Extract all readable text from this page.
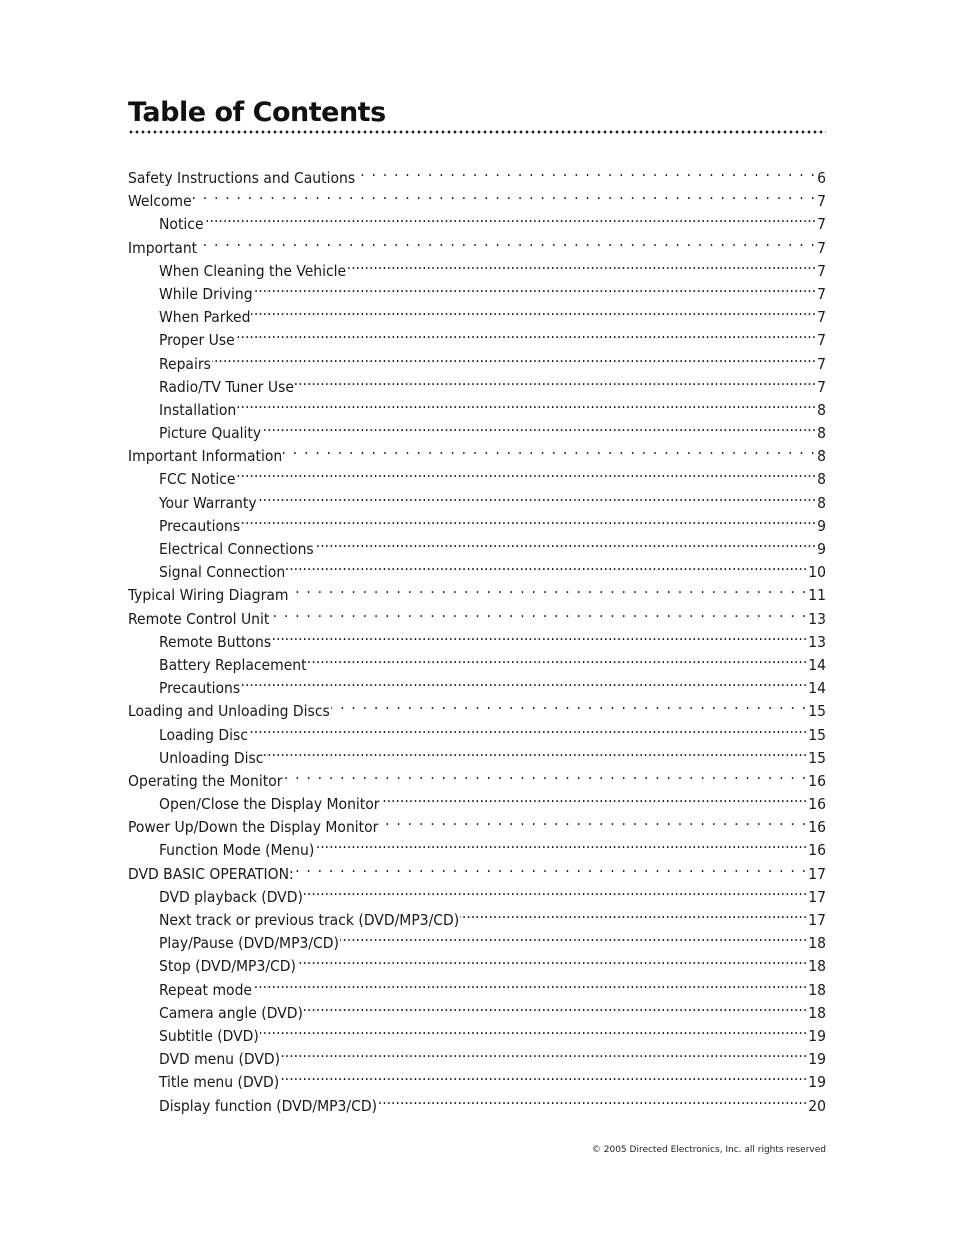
Table of Contents
Safety Instructions and Cautions . . .	6
Welcome . . .	7
Notice .....	7
Important . . .	7
When Cleaning the Vehicle .....	7
While Driving .....	7
When Parked .....	7
Proper Use .....	7
Repairs .....	7
Radio/TV Tuner Use .....	7
Installation .....	8
Picture Quality .....	8
Important Information . . .	8
FCC Notice .....	8
Your Warranty .....	8
Precautions .....	9
Electrical Connections .....	9
Signal Connection .....	10
Typical Wiring Diagram . . .	11
Remote Control Unit . . .	13
Remote Buttons .....	13
Battery Replacement .....	14
Precautions .....	14
Loading and Unloading Discs . . .	15
Loading Disc .....	15
Unloading Disc .....	15
Operating the Monitor . . .	16
Open/Close the Display Monitor .....	16
Power Up/Down the Display Monitor . . .	16
Function Mode (Menu) .....	16
DVD BASIC OPERATION: . . .	17
DVD playback (DVD) .....	17
Next track or previous track (DVD/MP3/CD) .....	17
Play/Pause (DVD/MP3/CD) .....	18
Stop (DVD/MP3/CD) .....	18
Repeat mode .....	18
Camera angle (DVD) .....	18
Subtitle (DVD) .....	19
DVD menu (DVD) .....	19
Title menu (DVD) .....	19
Display function (DVD/MP3/CD) .....	20
© 2005 Directed Electronics, Inc. all rights reserved
